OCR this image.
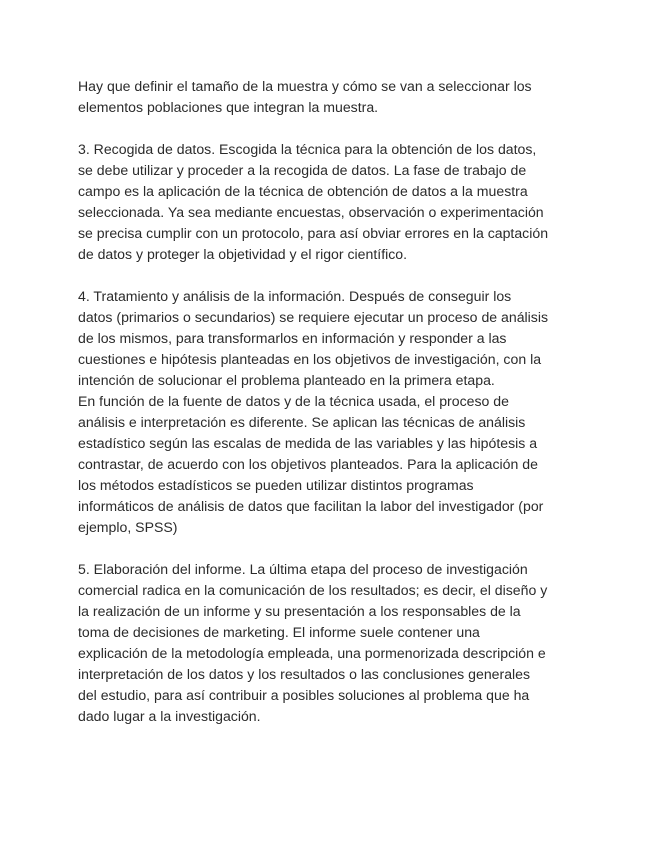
Hay que definir el tamaño de la muestra y cómo se van a seleccionar los
elementos poblaciones que integran la muestra.

3. Recogida de datos. Escogida la técnica para la obtención de los datos,
se debe utilizar y proceder a la recogida de datos. La fase de trabajo de
campo es la aplicación de la técnica de obtención de datos a la muestra
seleccionada. Ya sea mediante encuestas, observación o experimentación
se precisa cumplir con un protocolo, para así obviar errores en la captación
de datos y proteger la objetividad y el rigor científico.

4. Tratamiento y análisis de la información. Después de conseguir los
datos (primarios o secundarios) se requiere ejecutar un proceso de análisis
de los mismos, para transformarlos en información y responder a las
cuestiones e hipótesis planteadas en los objetivos de investigación, con la
intención de solucionar el problema planteado en la primera etapa.
En función de la fuente de datos y de la técnica usada, el proceso de
análisis e interpretación es diferente. Se aplican las técnicas de análisis
estadístico según las escalas de medida de las variables y las hipótesis a
contrastar, de acuerdo con los objetivos planteados. Para la aplicación de
los métodos estadísticos se pueden utilizar distintos programas
informáticos de análisis de datos que facilitan la labor del investigador (por
ejemplo, SPSS)

5. Elaboración del informe. La última etapa del proceso de investigación
comercial radica en la comunicación de los resultados; es decir, el diseño y
la realización de un informe y su presentación a los responsables de la
toma de decisiones de marketing. El informe suele contener una
explicación de la metodología empleada, una pormenorizada descripción e
interpretación de los datos y los resultados o las conclusiones generales
del estudio, para así contribuir a posibles soluciones al problema que ha
dado lugar a la investigación.
